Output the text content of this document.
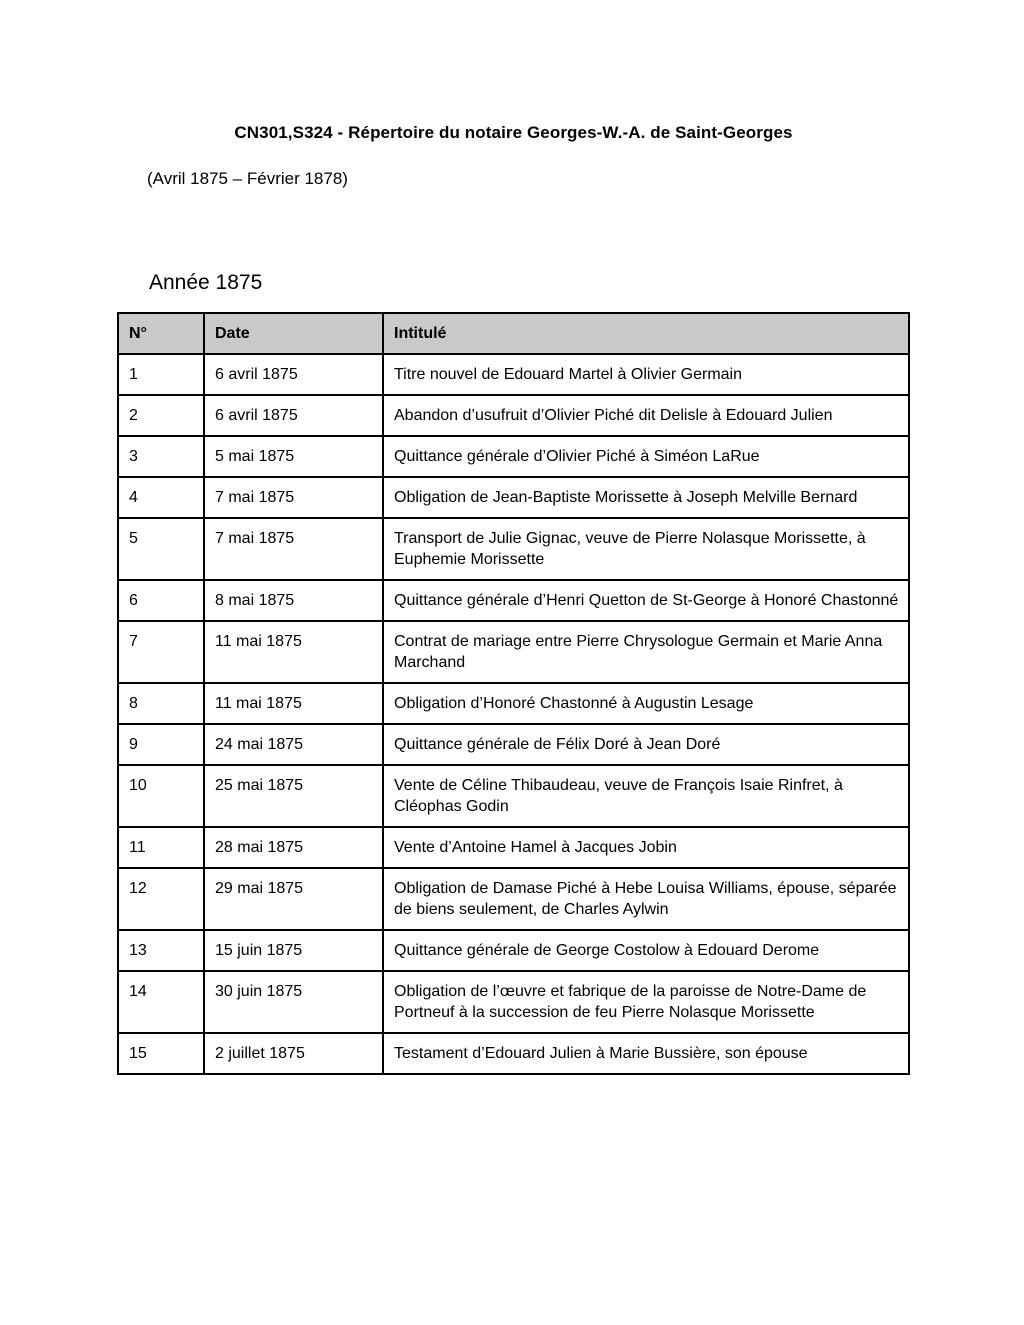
CN301,S324 - Répertoire du notaire Georges-W.-A. de Saint-Georges
(Avril 1875 – Février 1878)
Année 1875
N°	Date	Intitulé
1	6 avril 1875	Titre nouvel de Edouard Martel à Olivier Germain
2	6 avril 1875	Abandon d’usufruit d’Olivier Piché dit Delisle à Edouard Julien
3	5 mai 1875	Quittance générale d’Olivier Piché à Siméon LaRue
4	7 mai 1875	Obligation de Jean-Baptiste Morissette à Joseph Melville Bernard
5	7 mai 1875	Transport de Julie Gignac, veuve de Pierre Nolasque Morissette, à Euphemie Morissette
6	8 mai 1875	Quittance générale d’Henri Quetton de St-George à Honoré Chastonné
7	11 mai 1875	Contrat de mariage entre Pierre Chrysologue Germain et Marie Anna Marchand
8	11 mai 1875	Obligation d’Honoré Chastonné à Augustin Lesage
9	24 mai 1875	Quittance générale de Félix Doré à Jean Doré
10	25 mai 1875	Vente de Céline Thibaudeau, veuve de François Isaie Rinfret, à Cléophas Godin
11	28 mai 1875	Vente d’Antoine Hamel à Jacques Jobin
12	29 mai 1875	Obligation de Damase Piché à Hebe Louisa Williams, épouse, séparée de biens seulement, de Charles Aylwin
13	15 juin 1875	Quittance générale de George Costolow à Edouard Derome
14	30 juin 1875	Obligation de l’œuvre et fabrique de la paroisse de Notre-Dame de Portneuf à la succession de feu Pierre Nolasque Morissette
15	2 juillet 1875	Testament d’Edouard Julien à Marie Bussière, son épouse
